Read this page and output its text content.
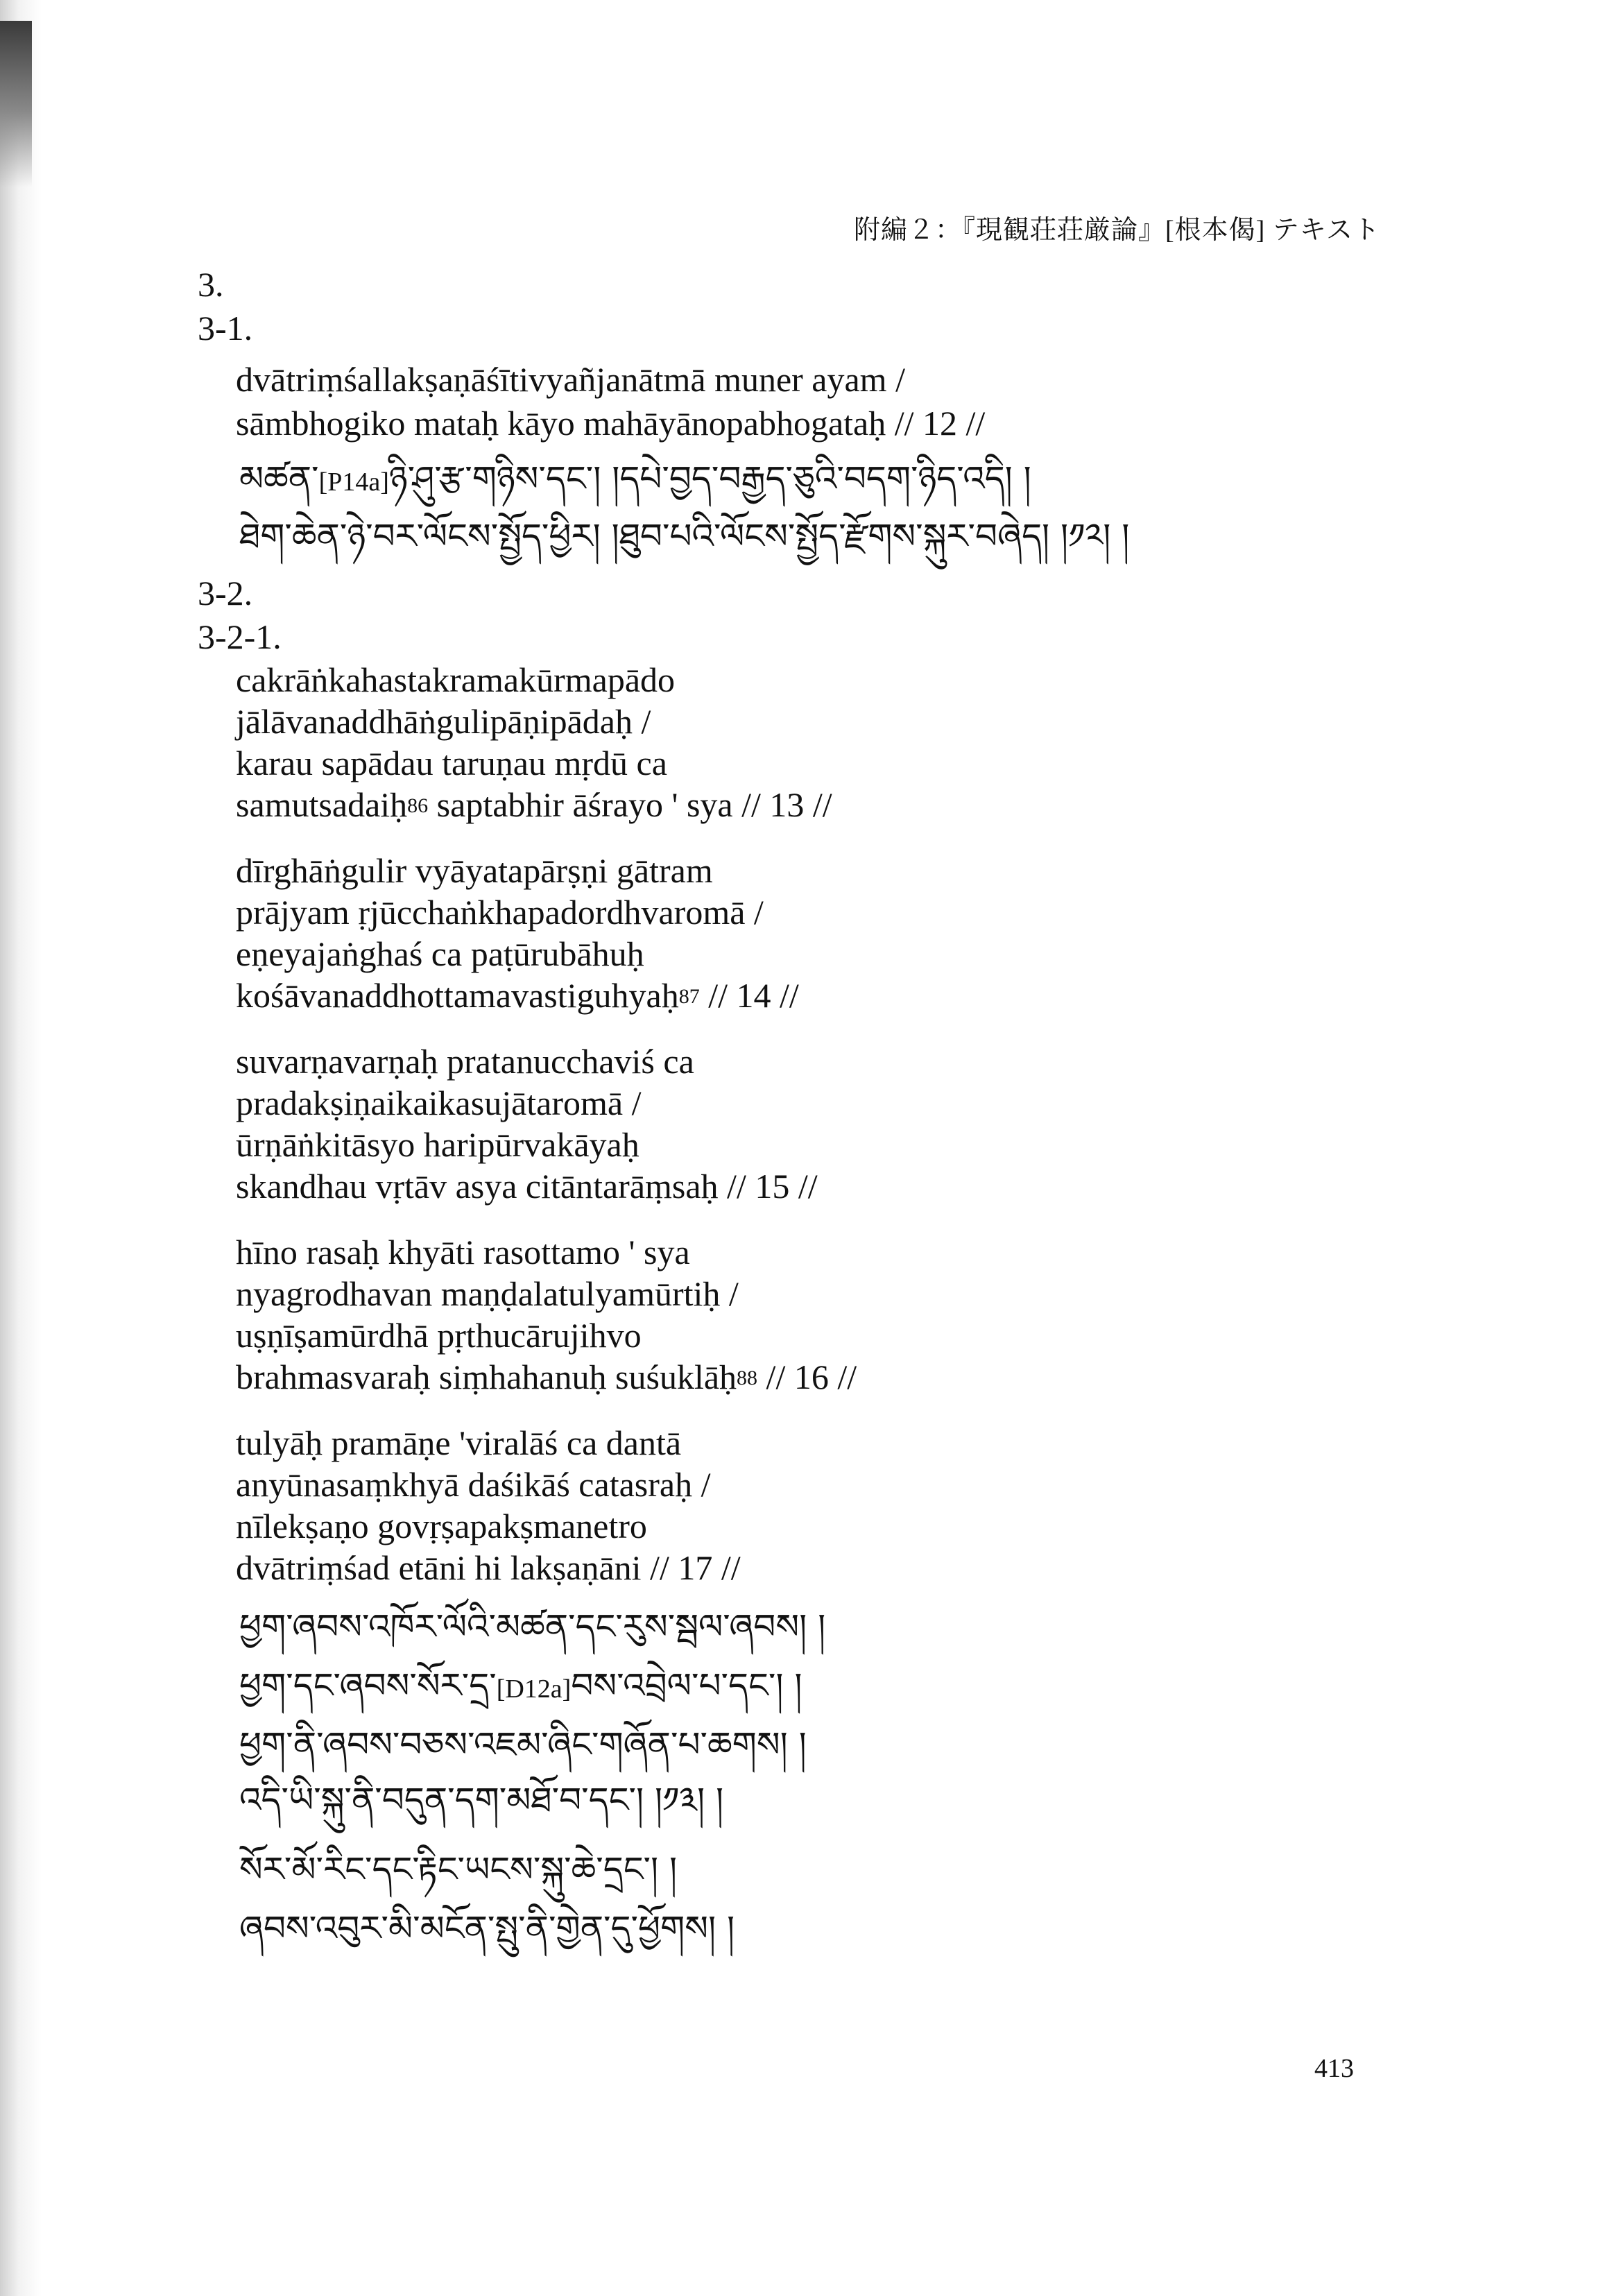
附編２：『現観荘荘厳論』[根本偈] テキスト
3.
3-1.
dvātriṃśallakṣaṇāśītivyañjanātmā muner ayam /
sāmbhogiko mataḥ kāyo mahāyānopabhogataḥ // 12 //
མཚན་[P14a]ཉི་ཤུ་རྩ་གཉིས་དང་། །དཔེ་བྱད་བརྒྱད་ཅུའི་བདག་ཉིད་འདི། །
ཐེག་ཆེན་ཉེ་བར་ལོངས་སྤྱོད་ཕྱིར། །ཐུབ་པའི་ལོངས་སྤྱོད་རྫོགས་སྐུར་བཞེད། །༡༢། །
3-2.
3-2-1.
cakrāṅkahastakramakūrmapādo
jālāvanaddhāṅgulipāṇipādaḥ /
karau sapādau taruṇau mṛdū ca
samutsadaiḥ$^{86}$ saptabhir āśrayo ' sya // 13 //
dīrghāṅgulir vyāyatapārṣṇi gātram
prājyam ṛjūcchaṅkhapadordhvaromā /
eṇeyajaṅghaś ca paṭūrubāhuḥ
kośāvanaddhottamavastiguhyaḥ$^{87}$ // 14 //
suvarṇavarṇaḥ pratanucchaviś ca
pradakṣiṇaikaikasujātaromā /
ūrṇāṅkitāsyo haripūrvakāyaḥ
skandhau vṛtāv asya citāntarāṃsaḥ // 15 //
hīno rasaḥ khyāti rasottamo ' sya
nyagrodhavan maṇḍalatulyamūrtiḥ /
uṣṇīṣamūrdhā pṛthucārujihvo
brahmasvaraḥ siṃhahanuḥ suśuklāḥ$^{88}$ // 16 //
tulyāḥ pramāṇe 'viralāś ca dantā
anyūnasaṃkhyā daśikāś catasraḥ /
nīlekṣaṇo govṛṣapakṣmanetro
dvātriṃśad etāni hi lakṣaṇāni // 17 //
ཕྱག་ཞབས་འཁོར་ལོའི་མཚན་དང་རུས་སྦལ་ཞབས། །
ཕྱག་དང་ཞབས་སོར་དྲ་[D12a]བས་འབྲེལ་པ་དང་། །
ཕྱག་ནི་ཞབས་བཅས་འཇམ་ཞིང་གཞོན་པ་ཆགས། །
འདི་ཡི་སྐུ་ནི་བདུན་དག་མཐོ་བ་དང་། །༡༣། །
སོར་མོ་རིང་དང་རྟིང་ཡངས་སྐུ་ཆེ་དྲང་། །
ཞབས་འབུར་མི་མངོན་སྤུ་ནི་གྱེན་དུ་ཕྱོགས། །
413
